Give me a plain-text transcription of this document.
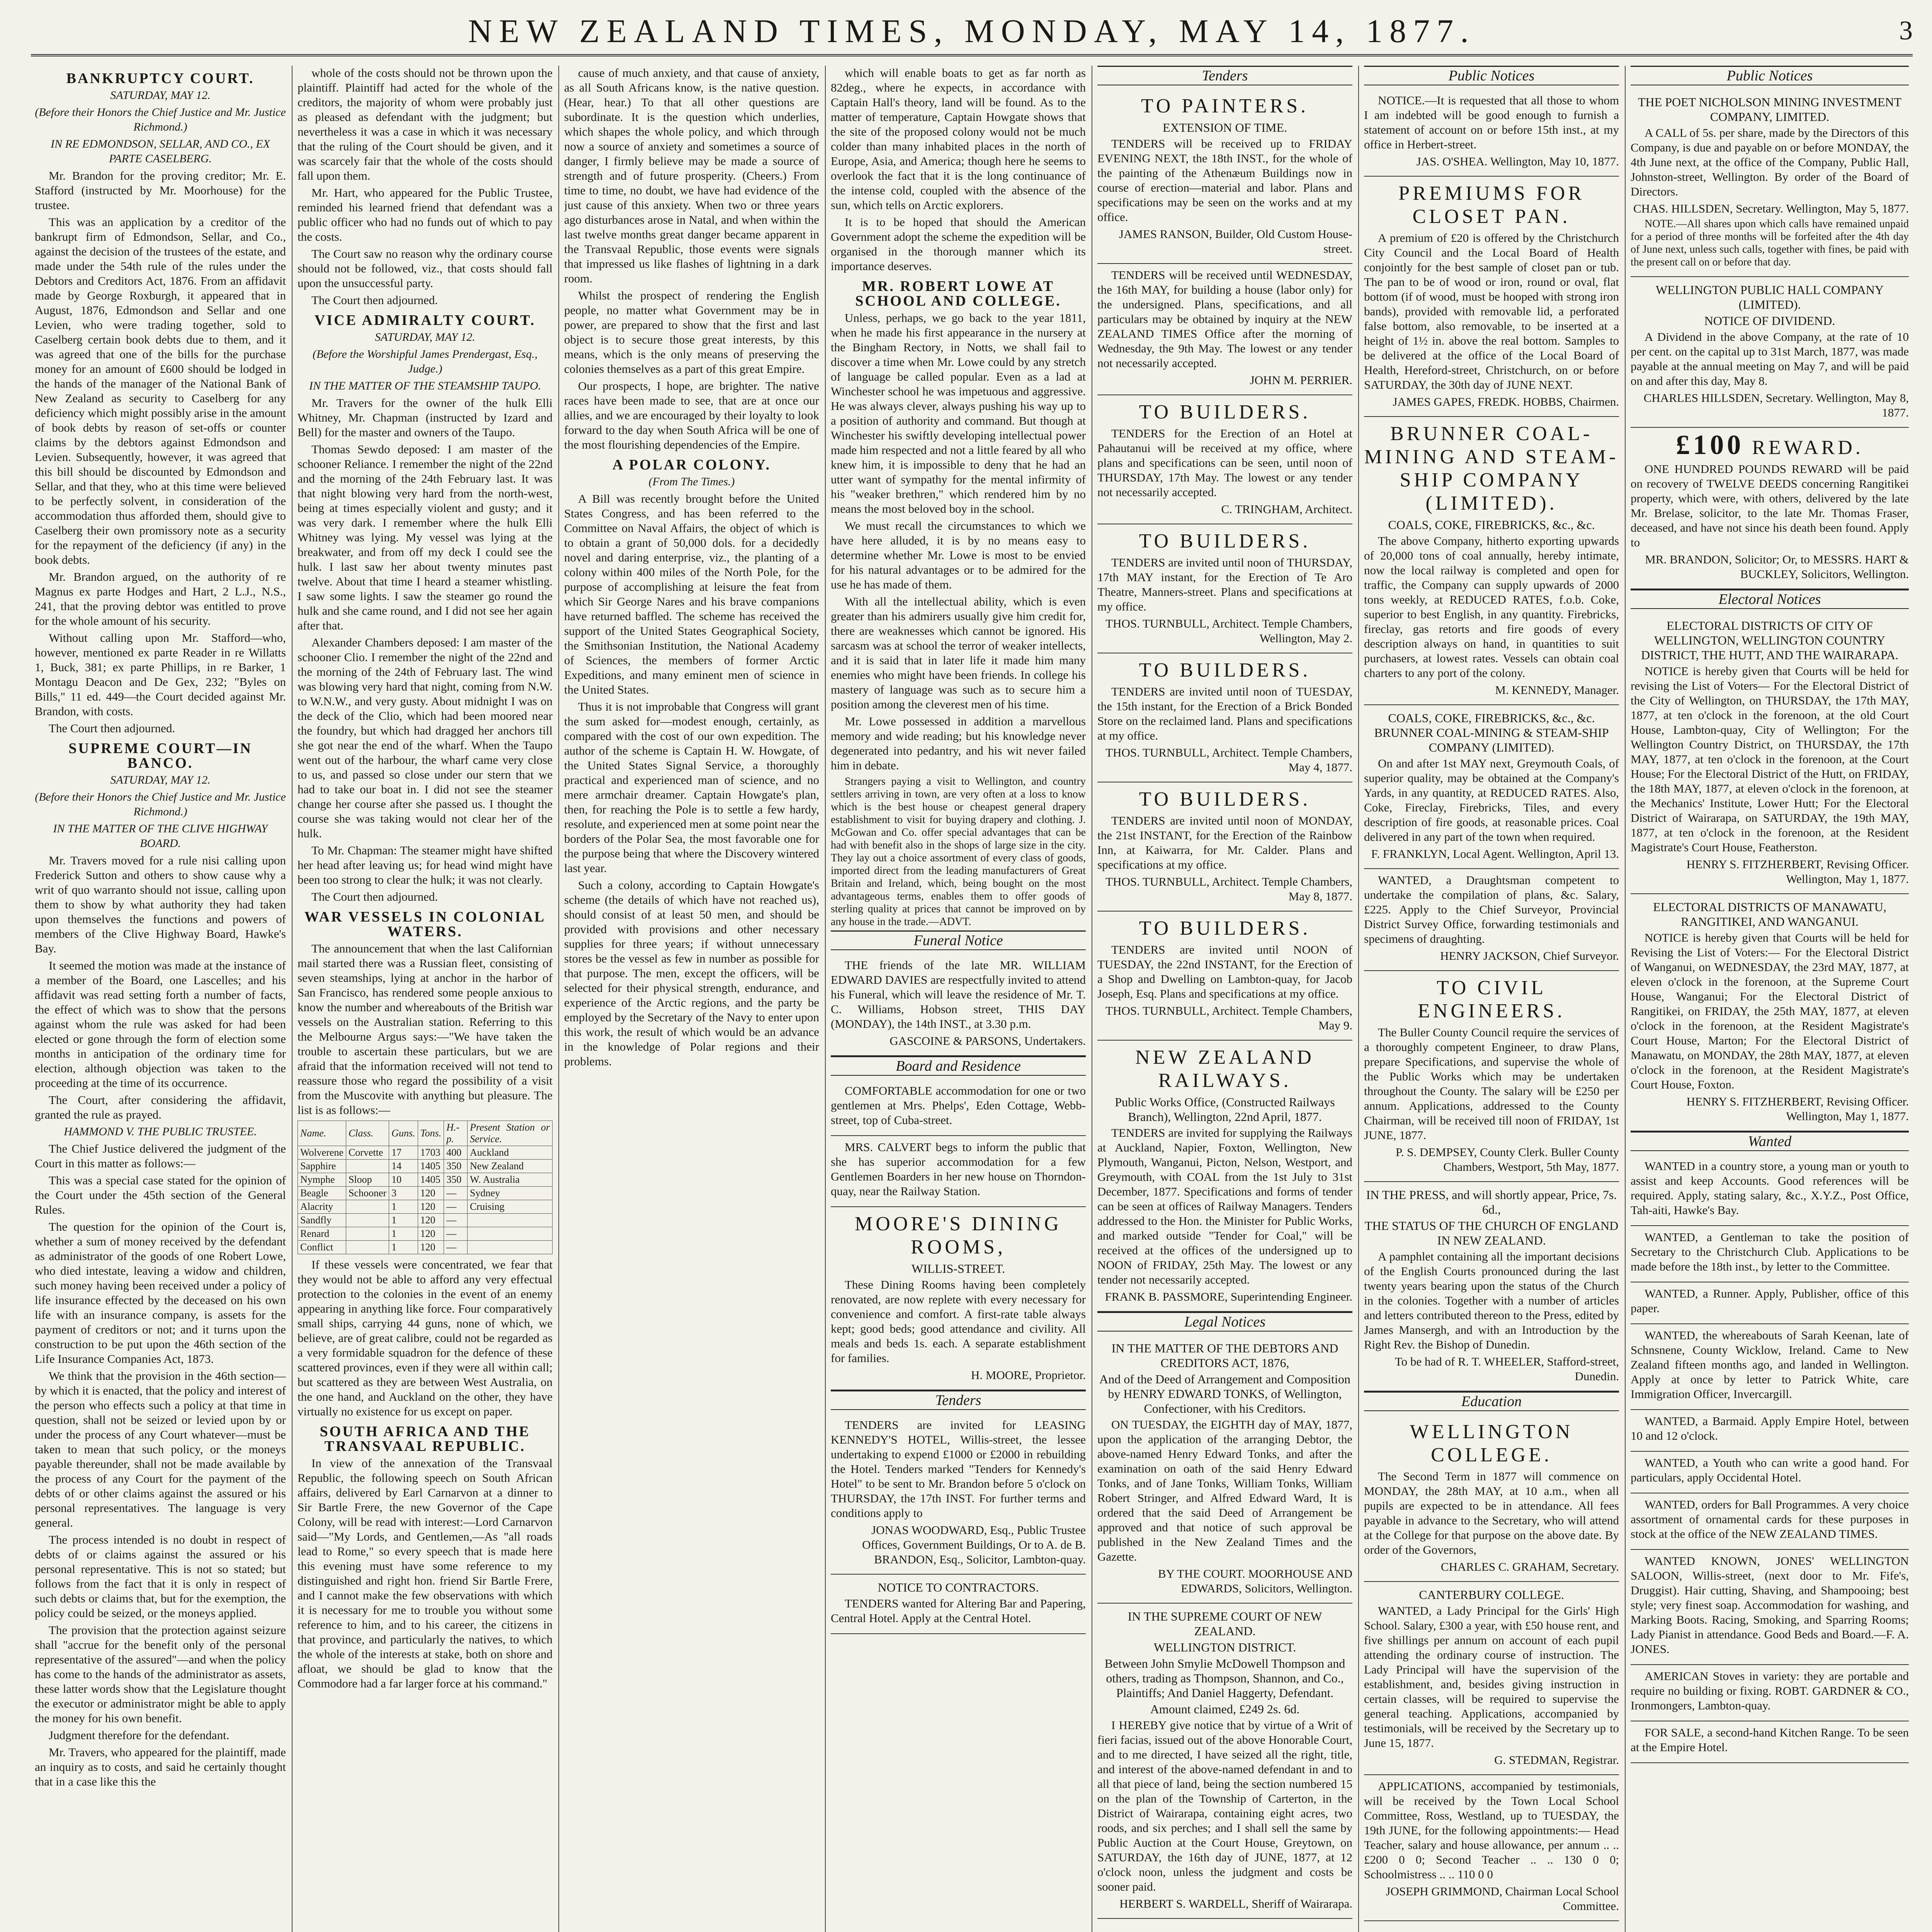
NEW ZEALAND TIMES, MONDAY, MAY 14, 1877.	3
BANKRUPTCY COURT.
SATURDAY, MAY 12.
(Before their Honors the Chief Justice and Mr. Justice Richmond.)
IN RE EDMONDSON, SELLAR, AND CO., EX PARTE CASELBERG.

Mr. Brandon for the proving creditor; Mr. E. Stafford (instructed by Mr. Moorhouse) for the trustee.

This was an application by a creditor of the bankrupt firm of Edmondson, Sellar, and Co., against the decision of the trustees of the estate, and made under the 54th rule of the rules under the Debtors and Creditors Act, 1876. From an affidavit made by George Roxburgh, it appeared that in August, 1876, Edmondson and Sellar and one Levien, who were trading together, sold to Caselberg certain book debts due to them, and it was agreed that one of the bills for the purchase money for an amount of £600 should be lodged in the hands of the manager of the National Bank of New Zealand as security to Caselberg for any deficiency which might possibly arise in the amount of book debts by reason of set-offs or counter claims by the debtors against Edmondson and Levien. Subsequently, however, it was agreed that this bill should be discounted by Edmondson and Sellar, and that they, who at this time were believed to be perfectly solvent, in consideration of the accommodation thus afforded them, should give to Caselberg their own promissory note as a security for the repayment of the deficiency (if any) in the book debts.

Mr. Brandon argued, on the authority of re Magnus ex parte Hodges and Hart, 2 L.J., N.S., 241, that the proving debtor was entitled to prove for the whole amount of his security.

Without calling upon Mr. Stafford—who, however, mentioned ex parte Reader in re Willatts 1, Buck, 381; ex parte Phillips, in re Barker, 1 Montagu Deacon and De Gex, 232; "Byles on Bills," 11 ed. 449—the Court decided against Mr. Brandon, with costs.

The Court then adjourned.

SUPREME COURT—IN BANCO.
SATURDAY, MAY 12.
(Before their Honors the Chief Justice and Mr. Justice Richmond.)
IN THE MATTER OF THE CLIVE HIGHWAY BOARD.

Mr. Travers moved for a rule nisi calling upon Frederick Sutton and others to show cause why a writ of quo warranto should not issue, calling upon them to show by what authority they had taken upon themselves the functions and powers of members of the Clive Highway Board, Hawke's Bay.

It seemed the motion was made at the instance of a member of the Board, one Lascelles; and his affidavit was read setting forth a number of facts, the effect of which was to show that the persons against whom the rule was asked for had been elected or gone through the form of election some months in anticipation of the ordinary time for election, although objection was taken to the proceeding at the time of its occurrence.

The Court, after considering the affidavit, granted the rule as prayed.

HAMMOND V. THE PUBLIC TRUSTEE.

The Chief Justice delivered the judgment of the Court in this matter as follows:—

This was a special case stated for the opinion of the Court under the 45th section of the General Rules.

The question for the opinion of the Court is, whether a sum of money received by the defendant as administrator of the goods of one Robert Lowe, who died intestate, leaving a widow and children, such money having been received under a policy of life insurance effected by the deceased on his own life with an insurance company, is assets for the payment of creditors or not; and it turns upon the construction to be put upon the 46th section of the Life Insurance Companies Act, 1873.

We think that the provision in the 46th section—by which it is enacted, that the policy and interest of the person who effects such a policy at that time in question, shall not be seized or levied upon by or under the process of any Court whatever—must be taken to mean that such policy, or the moneys payable thereunder, shall not be made available by the process of any Court for the payment of the debts of or other claims against the assured or his personal representatives. The language is very general.

The process intended is no doubt in respect of debts of or claims against the assured or his personal representative. This is not so stated; but follows from the fact that it is only in respect of such debts or claims that, but for the exemption, the policy could be seized, or the moneys applied.

The provision that the protection against seizure shall "accrue for the benefit only of the personal representative of the assured"—and when the policy has come to the hands of the administrator as assets, these latter words show that the Legislature thought the executor or administrator might be able to apply the money for his own benefit.

Judgment therefore for the defendant.

Mr. Travers, who appeared for the plaintiff, made an inquiry as to costs, and said he certainly thought that in a case like this the

whole of the costs should not be thrown upon the plaintiff. Plaintiff had acted for the whole of the creditors, the majority of whom were probably just as pleased as defendant with the judgment; but nevertheless it was a case in which it was necessary that the ruling of the Court should be given, and it was scarcely fair that the whole of the costs should fall upon them.

Mr. Hart, who appeared for the Public Trustee, reminded his learned friend that defendant was a public officer who had no funds out of which to pay the costs.

The Court saw no reason why the ordinary course should not be followed, viz., that costs should fall upon the unsuccessful party.

The Court then adjourned.

VICE ADMIRALTY COURT.
SATURDAY, MAY 12.
(Before the Worshipful James Prendergast, Esq., Judge.)
IN THE MATTER OF THE STEAMSHIP TAUPO.

Mr. Travers for the owner of the hulk Elli Whitney, Mr. Chapman (instructed by Izard and Bell) for the master and owners of the Taupo.

Thomas Sewdo deposed: I am master of the schooner Reliance. I remember the night of the 22nd and the morning of the 24th February last. It was that night blowing very hard from the north-west, being at times especially violent and gusty; and it was very dark. I remember where the hulk Elli Whitney was lying. My vessel was lying at the breakwater, and from off my deck I could see the hulk. I last saw her about twenty minutes past twelve. About that time I heard a steamer whistling. I saw some lights. I saw the steamer go round the hulk and she came round, and I did not see her again after that.

Alexander Chambers deposed: I am master of the schooner Clio. I remember the night of the 22nd and the morning of the 24th of February last. The wind was blowing very hard that night, coming from N.W. to W.N.W., and very gusty. About midnight I was on the deck of the Clio, which had been moored near the foundry, but which had dragged her anchors till she got near the end of the wharf. When the Taupo went out of the harbour, the wharf came very close to us, and passed so close under our stern that we had to take our boat in. I did not see the steamer change her course after she passed us. I thought the course she was taking would not clear her of the hulk.

To Mr. Chapman: The steamer might have shifted her head after leaving us; for head wind might have been too strong to clear the hulk; it was not clearly.

The Court then adjourned.

WAR VESSELS IN COLONIAL WATERS.

The announcement that when the last Californian mail started there was a Russian fleet, consisting of seven steamships, lying at anchor in the harbor of San Francisco, has rendered some people anxious to know the number and whereabouts of the British war vessels on the Australian station. Referring to this the Melbourne Argus says:—"We have taken the trouble to ascertain these particulars, but we are afraid that the information received will not tend to reassure those who regard the possibility of a visit from the Muscovite with anything but pleasure. The list is as follows:—

Name.	Class.	Guns.	Tons.	H.-p.	Present Station or Service.
Wolverene	Corvette	17	1703	400	Auckland
Sapphire		14	1405	350	New Zealand
Nymphe	Sloop	10	1405	350	W. Australia
Beagle	Schooner	3	120	—	Sydney
Alacrity		1	120	—	Cruising
Sandfly		1	120	—	
Renard		1	120	—	
Conflict		1	120	—	

If these vessels were concentrated, we fear that they would not be able to afford any very effectual protection to the colonies in the event of an enemy appearing in anything like force. Four comparatively small ships, carrying 44 guns, none of which, we believe, are of great calibre, could not be regarded as a very formidable squadron for the defence of these scattered provinces, even if they were all within call; but scattered as they are between West Australia, on the one hand, and Auckland on the other, they have virtually no existence for us except on paper.

SOUTH AFRICA AND THE TRANSVAAL REPUBLIC.

In view of the annexation of the Transvaal Republic, the following speech on South African affairs, delivered by Earl Carnarvon at a dinner to Sir Bartle Frere, the new Governor of the Cape Colony, will be read with interest:—Lord Carnarvon said—"My Lords, and Gentlemen,—As "all roads lead to Rome," so every speech that is made here this evening must have some reference to my distinguished and right hon. friend Sir Bartle Frere, and I cannot make the few observations with which it is necessary for me to trouble you without some reference to him, and to his career, the citizens in that province, and particularly the natives, to which the whole of the interests at stake, both on shore and afloat, we should be glad to know that the Commodore had a far larger force at his command."

cause of much anxiety, and that cause of anxiety, as all South Africans know, is the native question. (Hear, hear.) To that all other questions are subordinate. It is the question which underlies, which shapes the whole policy, and which through now a source of anxiety and sometimes a source of danger, I firmly believe may be made a source of strength and of future prosperity. (Cheers.) From time to time, no doubt, we have had evidence of the just cause of this anxiety. When two or three years ago disturbances arose in Natal, and when within the last twelve months great danger became apparent in the Transvaal Republic, those events were signals that impressed us like flashes of lightning in a dark room.

Whilst the prospect of rendering the English people, no matter what Government may be in power, are prepared to show that the first and last object is to secure those great interests, by this means, which is the only means of preserving the colonies themselves as a part of this great Empire.

Our prospects, I hope, are brighter. The native races have been made to see, that are at once our allies, and we are encouraged by their loyalty to look forward to the day when South Africa will be one of the most flourishing dependencies of the Empire.

A POLAR COLONY.
(From The Times.)

A Bill was recently brought before the United States Congress, and has been referred to the Committee on Naval Affairs, the object of which is to obtain a grant of 50,000 dols. for a decidedly novel and daring enterprise, viz., the planting of a colony within 400 miles of the North Pole, for the purpose of accomplishing at leisure the feat from which Sir George Nares and his brave companions have returned baffled. The scheme has received the support of the United States Geographical Society, the Smithsonian Institution, the National Academy of Sciences, the members of former Arctic Expeditions, and many eminent men of science in the United States.

Thus it is not improbable that Congress will grant the sum asked for—modest enough, certainly, as compared with the cost of our own expedition. The author of the scheme is Captain H. W. Howgate, of the United States Signal Service, a thoroughly practical and experienced man of science, and no mere armchair dreamer. Captain Howgate's plan, then, for reaching the Pole is to settle a few hardy, resolute, and experienced men at some point near the borders of the Polar Sea, the most favorable one for the purpose being that where the Discovery wintered last year.

Such a colony, according to Captain Howgate's scheme (the details of which have not reached us), should consist of at least 50 men, and should be provided with provisions and other necessary supplies for three years; if without unnecessary stores be the vessel as few in number as possible for that purpose. The men, except the officers, will be selected for their physical strength, endurance, and experience of the Arctic regions, and the party be employed by the Secretary of the Navy to enter upon this work, the result of which would be an advance in the knowledge of Polar regions and their problems.

which will enable boats to get as far north as 82deg., where he expects, in accordance with Captain Hall's theory, land will be found. As to the matter of temperature, Captain Howgate shows that the site of the proposed colony would not be much colder than many inhabited places in the north of Europe, Asia, and America; though here he seems to overlook the fact that it is the long continuance of the intense cold, coupled with the absence of the sun, which tells on Arctic explorers.

It is to be hoped that should the American Government adopt the scheme the expedition will be organised in the thorough manner which its importance deserves.

MR. ROBERT LOWE AT SCHOOL AND COLLEGE.

Unless, perhaps, we go back to the year 1811, when he made his first appearance in the nursery at the Bingham Rectory, in Notts, we shall fail to discover a time when Mr. Lowe could by any stretch of language be called popular. Even as a lad at Winchester school he was impetuous and aggressive. He was always clever, always pushing his way up to a position of authority and command. But though at Winchester his swiftly developing intellectual power made him respected and not a little feared by all who knew him, it is impossible to deny that he had an utter want of sympathy for the mental infirmity of his "weaker brethren," which rendered him by no means the most beloved boy in the school.

We must recall the circumstances to which we have here alluded, it is by no means easy to determine whether Mr. Lowe is most to be envied for his natural advantages or to be admired for the use he has made of them.

With all the intellectual ability, which is even greater than his admirers usually give him credit for, there are weaknesses which cannot be ignored. His sarcasm was at school the terror of weaker intellects, and it is said that in later life it made him many enemies who might have been friends. In college his mastery of language was such as to secure him a position among the cleverest men of his time.

Mr. Lowe possessed in addition a marvellous memory and wide reading; but his knowledge never degenerated into pedantry, and his wit never failed him in debate.

Strangers paying a visit to Wellington, and country settlers arriving in town, are very often at a loss to know which is the best house or cheapest general drapery establishment to visit for buying drapery and clothing. J. McGowan and Co. offer special advantages that can be had with benefit also in the shops of large size in the city. They lay out a choice assortment of every class of goods, imported direct from the leading manufacturers of Great Britain and Ireland, which, being bought on the most advantageous terms, enables them to offer goods of sterling quality at prices that cannot be improved on by any house in the trade.—ADVT.

Funeral Notice

THE friends of the late MR. WILLIAM EDWARD DAVIES are respectfully invited to attend his Funeral, which will leave the residence of Mr. T. C. Williams, Hobson street, THIS DAY (MONDAY), the 14th INST., at 3.30 p.m.

GASCOINE & PARSONS, Undertakers.
Board and Residence

COMFORTABLE accommodation for one or two gentlemen at Mrs. Phelps', Eden Cottage, Webb-street, top of Cuba-street.

MRS. CALVERT begs to inform the public that she has superior accommodation for a few Gentlemen Boarders in her new house on Thorndon-quay, near the Railway Station.

MOORE'S DINING ROOMS,
WILLIS-STREET.

These Dining Rooms having been completely renovated, are now replete with every necessary for convenience and comfort. A first-rate table always kept; good beds; good attendance and civility. All meals and beds 1s. each. A separate establishment for families.

H. MOORE, Proprietor.
Tenders

TENDERS are invited for LEASING KENNEDY'S HOTEL, Willis-street, the lessee undertaking to expend £1000 or £2000 in rebuilding the Hotel. Tenders marked "Tenders for Kennedy's Hotel" to be sent to Mr. Brandon before 5 o'clock on THURSDAY, the 17th INST. For further terms and conditions apply to

JONAS WOODWARD, Esq., Public Trustee Offices, Government Buildings, Or to A. de B. BRANDON, Esq., Solicitor, Lambton-quay.
NOTICE TO CONTRACTORS.

TENDERS wanted for Altering Bar and Papering, Central Hotel. Apply at the Central Hotel.

Tenders
TO PAINTERS.
EXTENSION OF TIME.

TENDERS will be received up to FRIDAY EVENING NEXT, the 18th INST., for the whole of the painting of the Athenæum Buildings now in course of erection—material and labor. Plans and specifications may be seen on the works and at my office.

JAMES RANSON, Builder, Old Custom House-street.

TENDERS will be received until WEDNESDAY, the 16th MAY, for building a house (labor only) for the undersigned. Plans, specifications, and all particulars may be obtained by inquiry at the NEW ZEALAND TIMES Office after the morning of Wednesday, the 9th May. The lowest or any tender not necessarily accepted.

JOHN M. PERRIER.
TO BUILDERS.

TENDERS for the Erection of an Hotel at Pahautanui will be received at my office, where plans and specifications can be seen, until noon of THURSDAY, 17th May. The lowest or any tender not necessarily accepted.

C. TRINGHAM, Architect.
TO BUILDERS.

TENDERS are invited until noon of THURSDAY, 17th MAY instant, for the Erection of Te Aro Theatre, Manners-street. Plans and specifications at my office.

THOS. TURNBULL, Architect. Temple Chambers, Wellington, May 2.
TO BUILDERS.

TENDERS are invited until noon of TUESDAY, the 15th instant, for the Erection of a Brick Bonded Store on the reclaimed land. Plans and specifications at my office.

THOS. TURNBULL, Architect. Temple Chambers, May 4, 1877.
TO BUILDERS.

TENDERS are invited until noon of MONDAY, the 21st INSTANT, for the Erection of the Rainbow Inn, at Kaiwarra, for Mr. Calder. Plans and specifications at my office.

THOS. TURNBULL, Architect. Temple Chambers, May 8, 1877.
TO BUILDERS.

TENDERS are invited until NOON of TUESDAY, the 22nd INSTANT, for the Erection of a Shop and Dwelling on Lambton-quay, for Jacob Joseph, Esq. Plans and specifications at my office.

THOS. TURNBULL, Architect. Temple Chambers, May 9.
NEW ZEALAND RAILWAYS.
Public Works Office, (Constructed Railways Branch), Wellington, 22nd April, 1877.

TENDERS are invited for supplying the Railways at Auckland, Napier, Foxton, Wellington, New Plymouth, Wanganui, Picton, Nelson, Westport, and Greymouth, with COAL from the 1st July to 31st December, 1877. Specifications and forms of tender can be seen at offices of Railway Managers. Tenders addressed to the Hon. the Minister for Public Works, and marked outside "Tender for Coal," will be received at the offices of the undersigned up to NOON of FRIDAY, 25th May. The lowest or any tender not necessarily accepted.

FRANK B. PASSMORE, Superintending Engineer.
Legal Notices
IN THE MATTER OF THE DEBTORS AND CREDITORS ACT, 1876,
And of the Deed of Arrangement and Composition by HENRY EDWARD TONKS, of Wellington, Confectioner, with his Creditors.

ON TUESDAY, the EIGHTH day of MAY, 1877, upon the application of the arranging Debtor, the above-named Henry Edward Tonks, and after the examination on oath of the said Henry Edward Tonks, and of Jane Tonks, William Tonks, William Robert Stringer, and Alfred Edward Ward, It is ordered that the said Deed of Arrangement be approved and that notice of such approval be published in the New Zealand Times and the Gazette.

BY THE COURT. MOORHOUSE AND EDWARDS, Solicitors, Wellington.
IN THE SUPREME COURT OF NEW ZEALAND.
WELLINGTON DISTRICT.
Between John Smylie McDowell Thompson and others, trading as Thompson, Shannon, and Co., Plaintiffs; And Daniel Haggerty, Defendant.
Amount claimed, £249 2s. 6d.

I HEREBY give notice that by virtue of a Writ of fieri facias, issued out of the above Honorable Court, and to me directed, I have seized all the right, title, and interest of the above-named defendant in and to all that piece of land, being the section numbered 15 on the plan of the Township of Carterton, in the District of Wairarapa, containing eight acres, two roods, and six perches; and I shall sell the same by Public Auction at the Court House, Greytown, on SATURDAY, the 16th day of JUNE, 1877, at 12 o'clock noon, unless the judgment and costs be sooner paid.

HERBERT S. WARDELL, Sheriff of Wairarapa.
Public Notices

NOTICE.—It is requested that all those to whom I am indebted will be good enough to furnish a statement of account on or before 15th inst., at my office in Herbert-street.

JAS. O'SHEA. Wellington, May 10, 1877.
PREMIUMS FOR CLOSET PAN.

A premium of £20 is offered by the Christchurch City Council and the Local Board of Health conjointly for the best sample of closet pan or tub. The pan to be of wood or iron, round or oval, flat bottom (if of wood, must be hooped with strong iron bands), provided with removable lid, a perforated false bottom, also removable, to be inserted at a height of 1½ in. above the real bottom. Samples to be delivered at the office of the Local Board of Health, Hereford-street, Christchurch, on or before SATURDAY, the 30th day of JUNE NEXT.

JAMES GAPES, FREDK. HOBBS, Chairmen.
BRUNNER COAL-MINING AND STEAM-SHIP COMPANY (LIMITED).
COALS, COKE, FIREBRICKS, &c., &c.

The above Company, hitherto exporting upwards of 20,000 tons of coal annually, hereby intimate, now the local railway is completed and open for traffic, the Company can supply upwards of 2000 tons weekly, at REDUCED RATES, f.o.b. Coke, superior to best English, in any quantity. Firebricks, fireclay, gas retorts and fire goods of every description always on hand, in quantities to suit purchasers, at lowest rates. Vessels can obtain coal charters to any port of the colony.

M. KENNEDY, Manager.
COALS, COKE, FIREBRICKS, &c., &c. BRUNNER COAL-MINING & STEAM-SHIP COMPANY (LIMITED).

On and after 1st MAY next, Greymouth Coals, of superior quality, may be obtained at the Company's Yards, in any quantity, at REDUCED RATES. Also, Coke, Fireclay, Firebricks, Tiles, and every description of fire goods, at reasonable prices. Coal delivered in any part of the town when required.

F. FRANKLYN, Local Agent. Wellington, April 13.

WANTED, a Draughtsman competent to undertake the compilation of plans, &c. Salary, £225. Apply to the Chief Surveyor, Provincial District Survey Office, forwarding testimonials and specimens of draughting.

HENRY JACKSON, Chief Surveyor.
TO CIVIL ENGINEERS.

The Buller County Council require the services of a thoroughly competent Engineer, to draw Plans, prepare Specifications, and supervise the whole of the Public Works which may be undertaken throughout the County. The salary will be £250 per annum. Applications, addressed to the County Chairman, will be received till noon of FRIDAY, 1st JUNE, 1877.

P. S. DEMPSEY, County Clerk. Buller County Chambers, Westport, 5th May, 1877.
IN THE PRESS, and will shortly appear, Price, 7s. 6d.,
THE STATUS OF THE CHURCH OF ENGLAND IN NEW ZEALAND.

A pamphlet containing all the important decisions of the English Courts pronounced during the last twenty years bearing upon the status of the Church in the colonies. Together with a number of articles and letters contributed thereon to the Press, edited by James Mansergh, and with an Introduction by the Right Rev. the Bishop of Dunedin.

To be had of R. T. WHEELER, Stafford-street, Dunedin.
Education
WELLINGTON COLLEGE.

The Second Term in 1877 will commence on MONDAY, the 28th MAY, at 10 a.m., when all pupils are expected to be in attendance. All fees payable in advance to the Secretary, who will attend at the College for that purpose on the above date. By order of the Governors,

CHARLES C. GRAHAM, Secretary.
CANTERBURY COLLEGE.

WANTED, a Lady Principal for the Girls' High School. Salary, £300 a year, with £50 house rent, and five shillings per annum on account of each pupil attending the ordinary course of instruction. The Lady Principal will have the supervision of the establishment, and, besides giving instruction in certain classes, will be required to supervise the general teaching. Applications, accompanied by testimonials, will be received by the Secretary up to June 15, 1877.

G. STEDMAN, Registrar.

APPLICATIONS, accompanied by testimonials, will be received by the Town Local School Committee, Ross, Westland, up to TUESDAY, the 19th JUNE, for the following appointments:— Head Teacher, salary and house allowance, per annum .. .. £200 0 0; Second Teacher .. .. 130 0 0; Schoolmistress .. .. 110 0 0

JOSEPH GRIMMOND, Chairman Local School Committee.
Public Notices
THE POET NICHOLSON MINING INVESTMENT COMPANY, LIMITED.

A CALL of 5s. per share, made by the Directors of this Company, is due and payable on or before MONDAY, the 4th June next, at the office of the Company, Public Hall, Johnston-street, Wellington. By order of the Board of Directors.

CHAS. HILLSDEN, Secretary. Wellington, May 5, 1877.

NOTE.—All shares upon which calls have remained unpaid for a period of three months will be forfeited after the 4th day of June next, unless such calls, together with fines, be paid with the present call on or before that day.

WELLINGTON PUBLIC HALL COMPANY (LIMITED).
NOTICE OF DIVIDEND.

A Dividend in the above Company, at the rate of 10 per cent. on the capital up to 31st March, 1877, was made payable at the annual meeting on May 7, and will be paid on and after this day, May 8.

CHARLES HILLSDEN, Secretary. Wellington, May 8, 1877.
£100 REWARD.

ONE HUNDRED POUNDS REWARD will be paid on recovery of TWELVE DEEDS concerning Rangitikei property, which were, with others, delivered by the late Mr. Brelase, solicitor, to the late Mr. Thomas Fraser, deceased, and have not since his death been found. Apply to

MR. BRANDON, Solicitor; Or, to MESSRS. HART & BUCKLEY, Solicitors, Wellington.
Electoral Notices
ELECTORAL DISTRICTS OF CITY OF WELLINGTON, WELLINGTON COUNTRY DISTRICT, THE HUTT, AND THE WAIRARAPA.

NOTICE is hereby given that Courts will be held for revising the List of Voters— For the Electoral District of the City of Wellington, on THURSDAY, the 17th MAY, 1877, at ten o'clock in the forenoon, at the old Court House, Lambton-quay, City of Wellington; For the Wellington Country District, on THURSDAY, the 17th MAY, 1877, at ten o'clock in the forenoon, at the Court House; For the Electoral District of the Hutt, on FRIDAY, the 18th MAY, 1877, at eleven o'clock in the forenoon, at the Mechanics' Institute, Lower Hutt; For the Electoral District of Wairarapa, on SATURDAY, the 19th MAY, 1877, at ten o'clock in the forenoon, at the Resident Magistrate's Court House, Featherston.

HENRY S. FITZHERBERT, Revising Officer. Wellington, May 1, 1877.
ELECTORAL DISTRICTS OF MANAWATU, RANGITIKEI, AND WANGANUI.

NOTICE is hereby given that Courts will be held for Revising the List of Voters:— For the Electoral District of Wanganui, on WEDNESDAY, the 23rd MAY, 1877, at eleven o'clock in the forenoon, at the Supreme Court House, Wanganui; For the Electoral District of Rangitikei, on FRIDAY, the 25th MAY, 1877, at eleven o'clock in the forenoon, at the Resident Magistrate's Court House, Marton; For the Electoral District of Manawatu, on MONDAY, the 28th MAY, 1877, at eleven o'clock in the forenoon, at the Resident Magistrate's Court House, Foxton.

HENRY S. FITZHERBERT, Revising Officer. Wellington, May 1, 1877.
Wanted

WANTED in a country store, a young man or youth to assist and keep Accounts. Good references will be required. Apply, stating salary, &c., X.Y.Z., Post Office, Tah-aiti, Hawke's Bay.

WANTED, a Gentleman to take the position of Secretary to the Christchurch Club. Applications to be made before the 18th inst., by letter to the Committee.

WANTED, a Runner. Apply, Publisher, office of this paper.

WANTED, the whereabouts of Sarah Keenan, late of Schnsnene, County Wicklow, Ireland. Came to New Zealand fifteen months ago, and landed in Wellington. Apply at once by letter to Patrick White, care Immigration Officer, Invercargill.

WANTED, a Barmaid. Apply Empire Hotel, between 10 and 12 o'clock.

WANTED, a Youth who can write a good hand. For particulars, apply Occidental Hotel.

WANTED, orders for Ball Programmes. A very choice assortment of ornamental cards for these purposes in stock at the office of the NEW ZEALAND TIMES.

WANTED KNOWN, JONES' WELLINGTON SALOON, Willis-street, (next door to Mr. Fife's, Druggist). Hair cutting, Shaving, and Shampooing; best style; very finest soap. Accommodation for washing, and Marking Boots. Racing, Smoking, and Sparring Rooms; Lady Pianist in attendance. Good Beds and Board.—F. A. JONES.

AMERICAN Stoves in variety: they are portable and require no building or fixing. ROBT. GARDNER & CO., Ironmongers, Lambton-quay.

FOR SALE, a second-hand Kitchen Range. To be seen at the Empire Hotel.
